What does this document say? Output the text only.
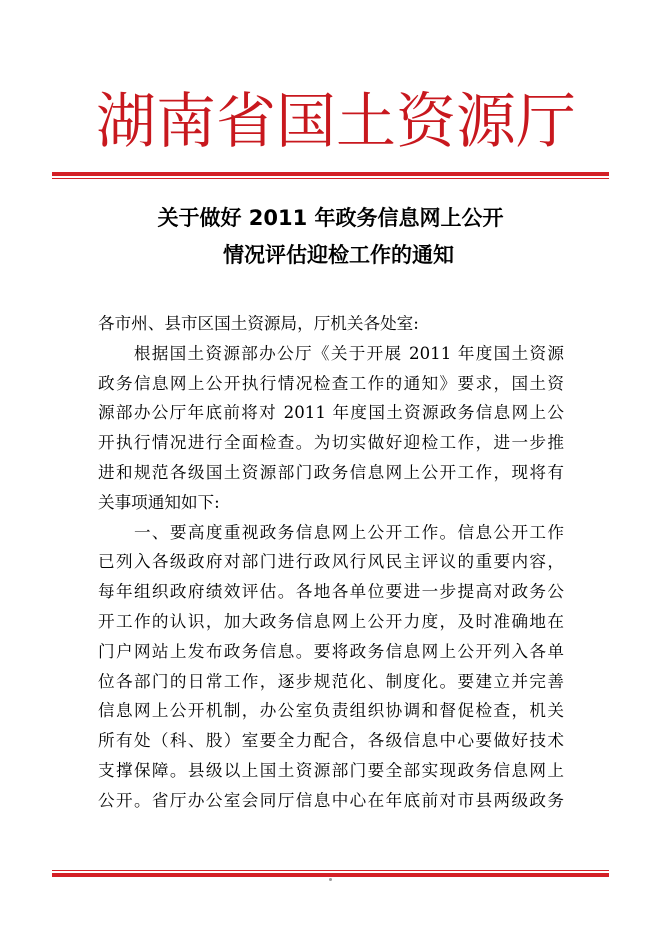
湖 南 省 国 土 资 源 厅
关于做好 2011 年政务信息网上公开
情况评估迎检工作的通知
各市州、县市区国土资源局，厅机关各处室:
　　根据国土资源部办公厅《关于开展 2011 年度国土资源
政务信息网上公开执行情况检查工作的通知》要求，国土资
源部办公厅年底前将对 2011 年度国土资源政务信息网上公
开执行情况进行全面检查。为切实做好迎检工作，进一步推
进和规范各级国土资源部门政务信息网上公开工作，现将有
关事项通知如下:
　　一、要高度重视政务信息网上公开工作。信息公开工作
已列入各级政府对部门进行政风行风民主评议的重要内容，
每年组织政府绩效评估。各地各单位要进一步提高对政务公
开工作的认识，加大政务信息网上公开力度，及时准确地在
门户网站上发布政务信息。要将政务信息网上公开列入各单
位各部门的日常工作，逐步规范化、制度化。要建立并完善
信息网上公开机制，办公室负责组织协调和督促检查，机关
所有处（科、股）室要全力配合，各级信息中心要做好技术
支撑保障。县级以上国土资源部门要全部实现政务信息网上
公开。省厅办公室会同厅信息中心在年底前对市县两级政务
